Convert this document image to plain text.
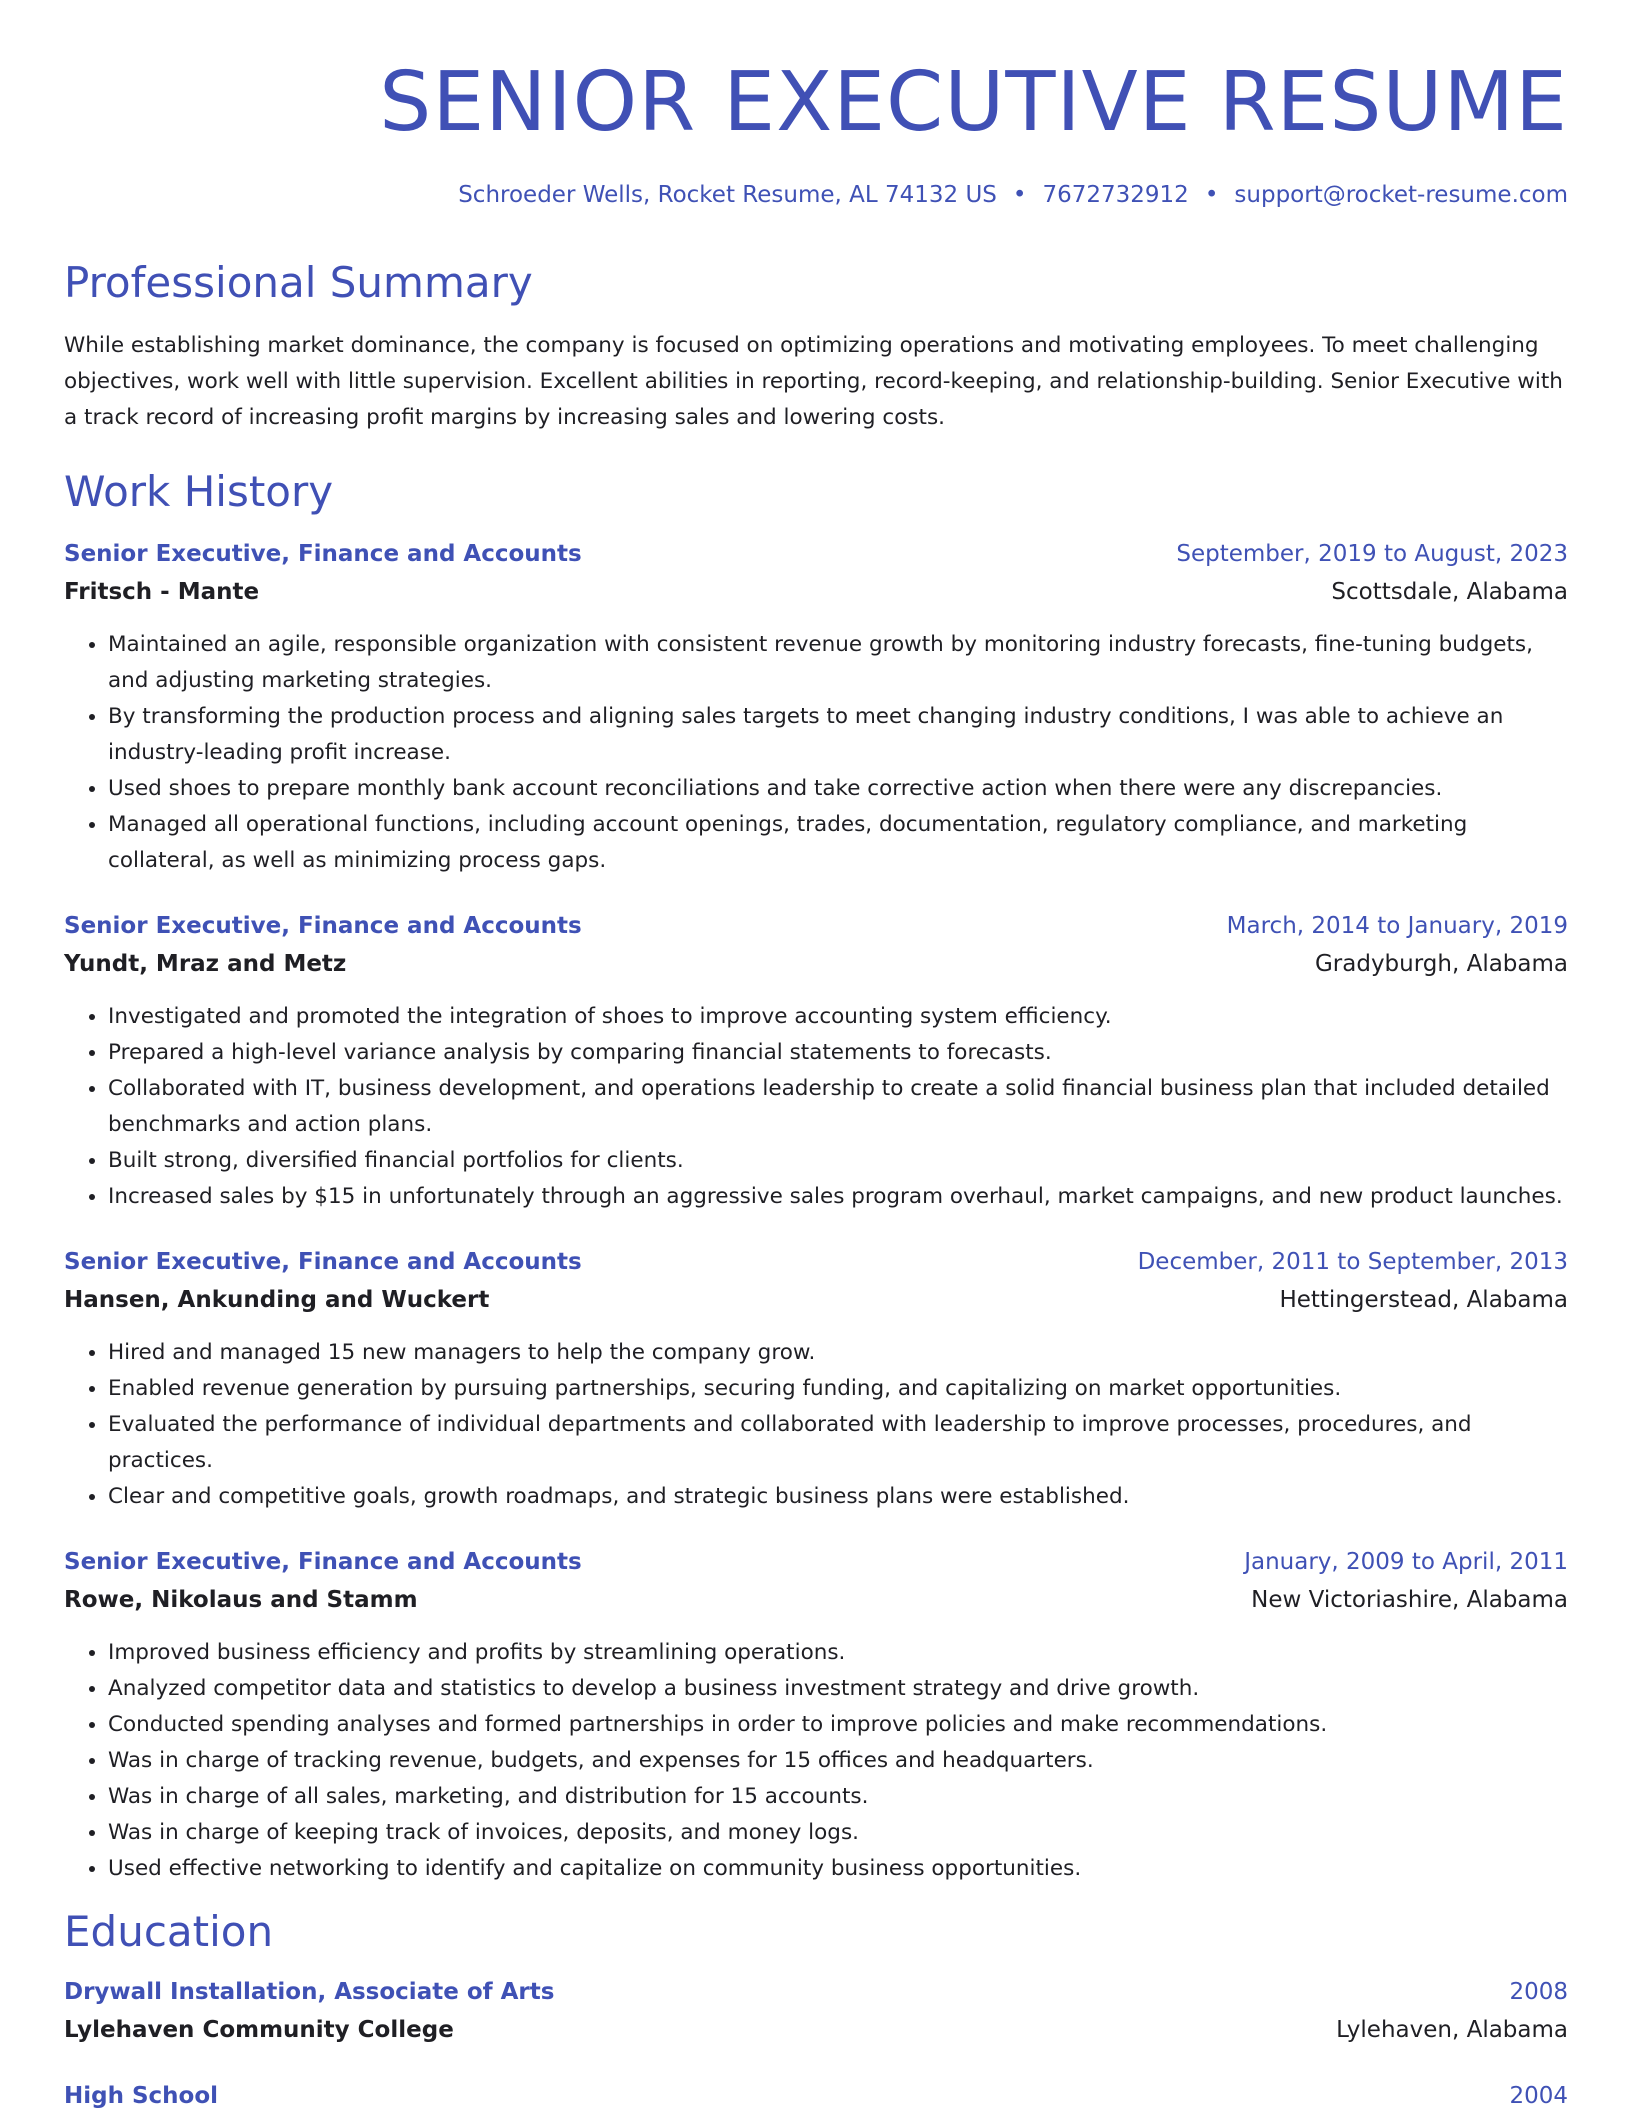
SENIOR EXECUTIVE RESUME
Schroeder Wells, Rocket Resume, AL 74132 US • 7672732912 • support@rocket-resume.com
Professional Summary
While establishing market dominance, the company is focused on optimizing operations and motivating employees. To meet challenging objectives, work well with little supervision. Excellent abilities in reporting, record-keeping, and relationship-building. Senior Executive with a track record of increasing profit margins by increasing sales and lowering costs.
Work History
Senior Executive, Finance and Accounts	September, 2019 to August, 2023
Fritsch - Mante	Scottsdale, Alabama
• Maintained an agile, responsible organization with consistent revenue growth by monitoring industry forecasts, fine-tuning budgets, and adjusting marketing strategies.
• By transforming the production process and aligning sales targets to meet changing industry conditions, I was able to achieve an industry-leading profit increase.
• Used shoes to prepare monthly bank account reconciliations and take corrective action when there were any discrepancies.
• Managed all operational functions, including account openings, trades, documentation, regulatory compliance, and marketing collateral, as well as minimizing process gaps.
Senior Executive, Finance and Accounts	March, 2014 to January, 2019
Yundt, Mraz and Metz	Gradyburgh, Alabama
• Investigated and promoted the integration of shoes to improve accounting system efficiency.
• Prepared a high-level variance analysis by comparing financial statements to forecasts.
• Collaborated with IT, business development, and operations leadership to create a solid financial business plan that included detailed benchmarks and action plans.
• Built strong, diversified financial portfolios for clients.
• Increased sales by $15 in unfortunately through an aggressive sales program overhaul, market campaigns, and new product launches.
Senior Executive, Finance and Accounts	December, 2011 to September, 2013
Hansen, Ankunding and Wuckert	Hettingerstead, Alabama
• Hired and managed 15 new managers to help the company grow.
• Enabled revenue generation by pursuing partnerships, securing funding, and capitalizing on market opportunities.
• Evaluated the performance of individual departments and collaborated with leadership to improve processes, procedures, and practices.
• Clear and competitive goals, growth roadmaps, and strategic business plans were established.
Senior Executive, Finance and Accounts	January, 2009 to April, 2011
Rowe, Nikolaus and Stamm	New Victoriashire, Alabama
• Improved business efficiency and profits by streamlining operations.
• Analyzed competitor data and statistics to develop a business investment strategy and drive growth.
• Conducted spending analyses and formed partnerships in order to improve policies and make recommendations.
• Was in charge of tracking revenue, budgets, and expenses for 15 offices and headquarters.
• Was in charge of all sales, marketing, and distribution for 15 accounts.
• Was in charge of keeping track of invoices, deposits, and money logs.
• Used effective networking to identify and capitalize on community business opportunities.
Education
Drywall Installation, Associate of Arts	2008
Lylehaven Community College	Lylehaven, Alabama
High School	2004
